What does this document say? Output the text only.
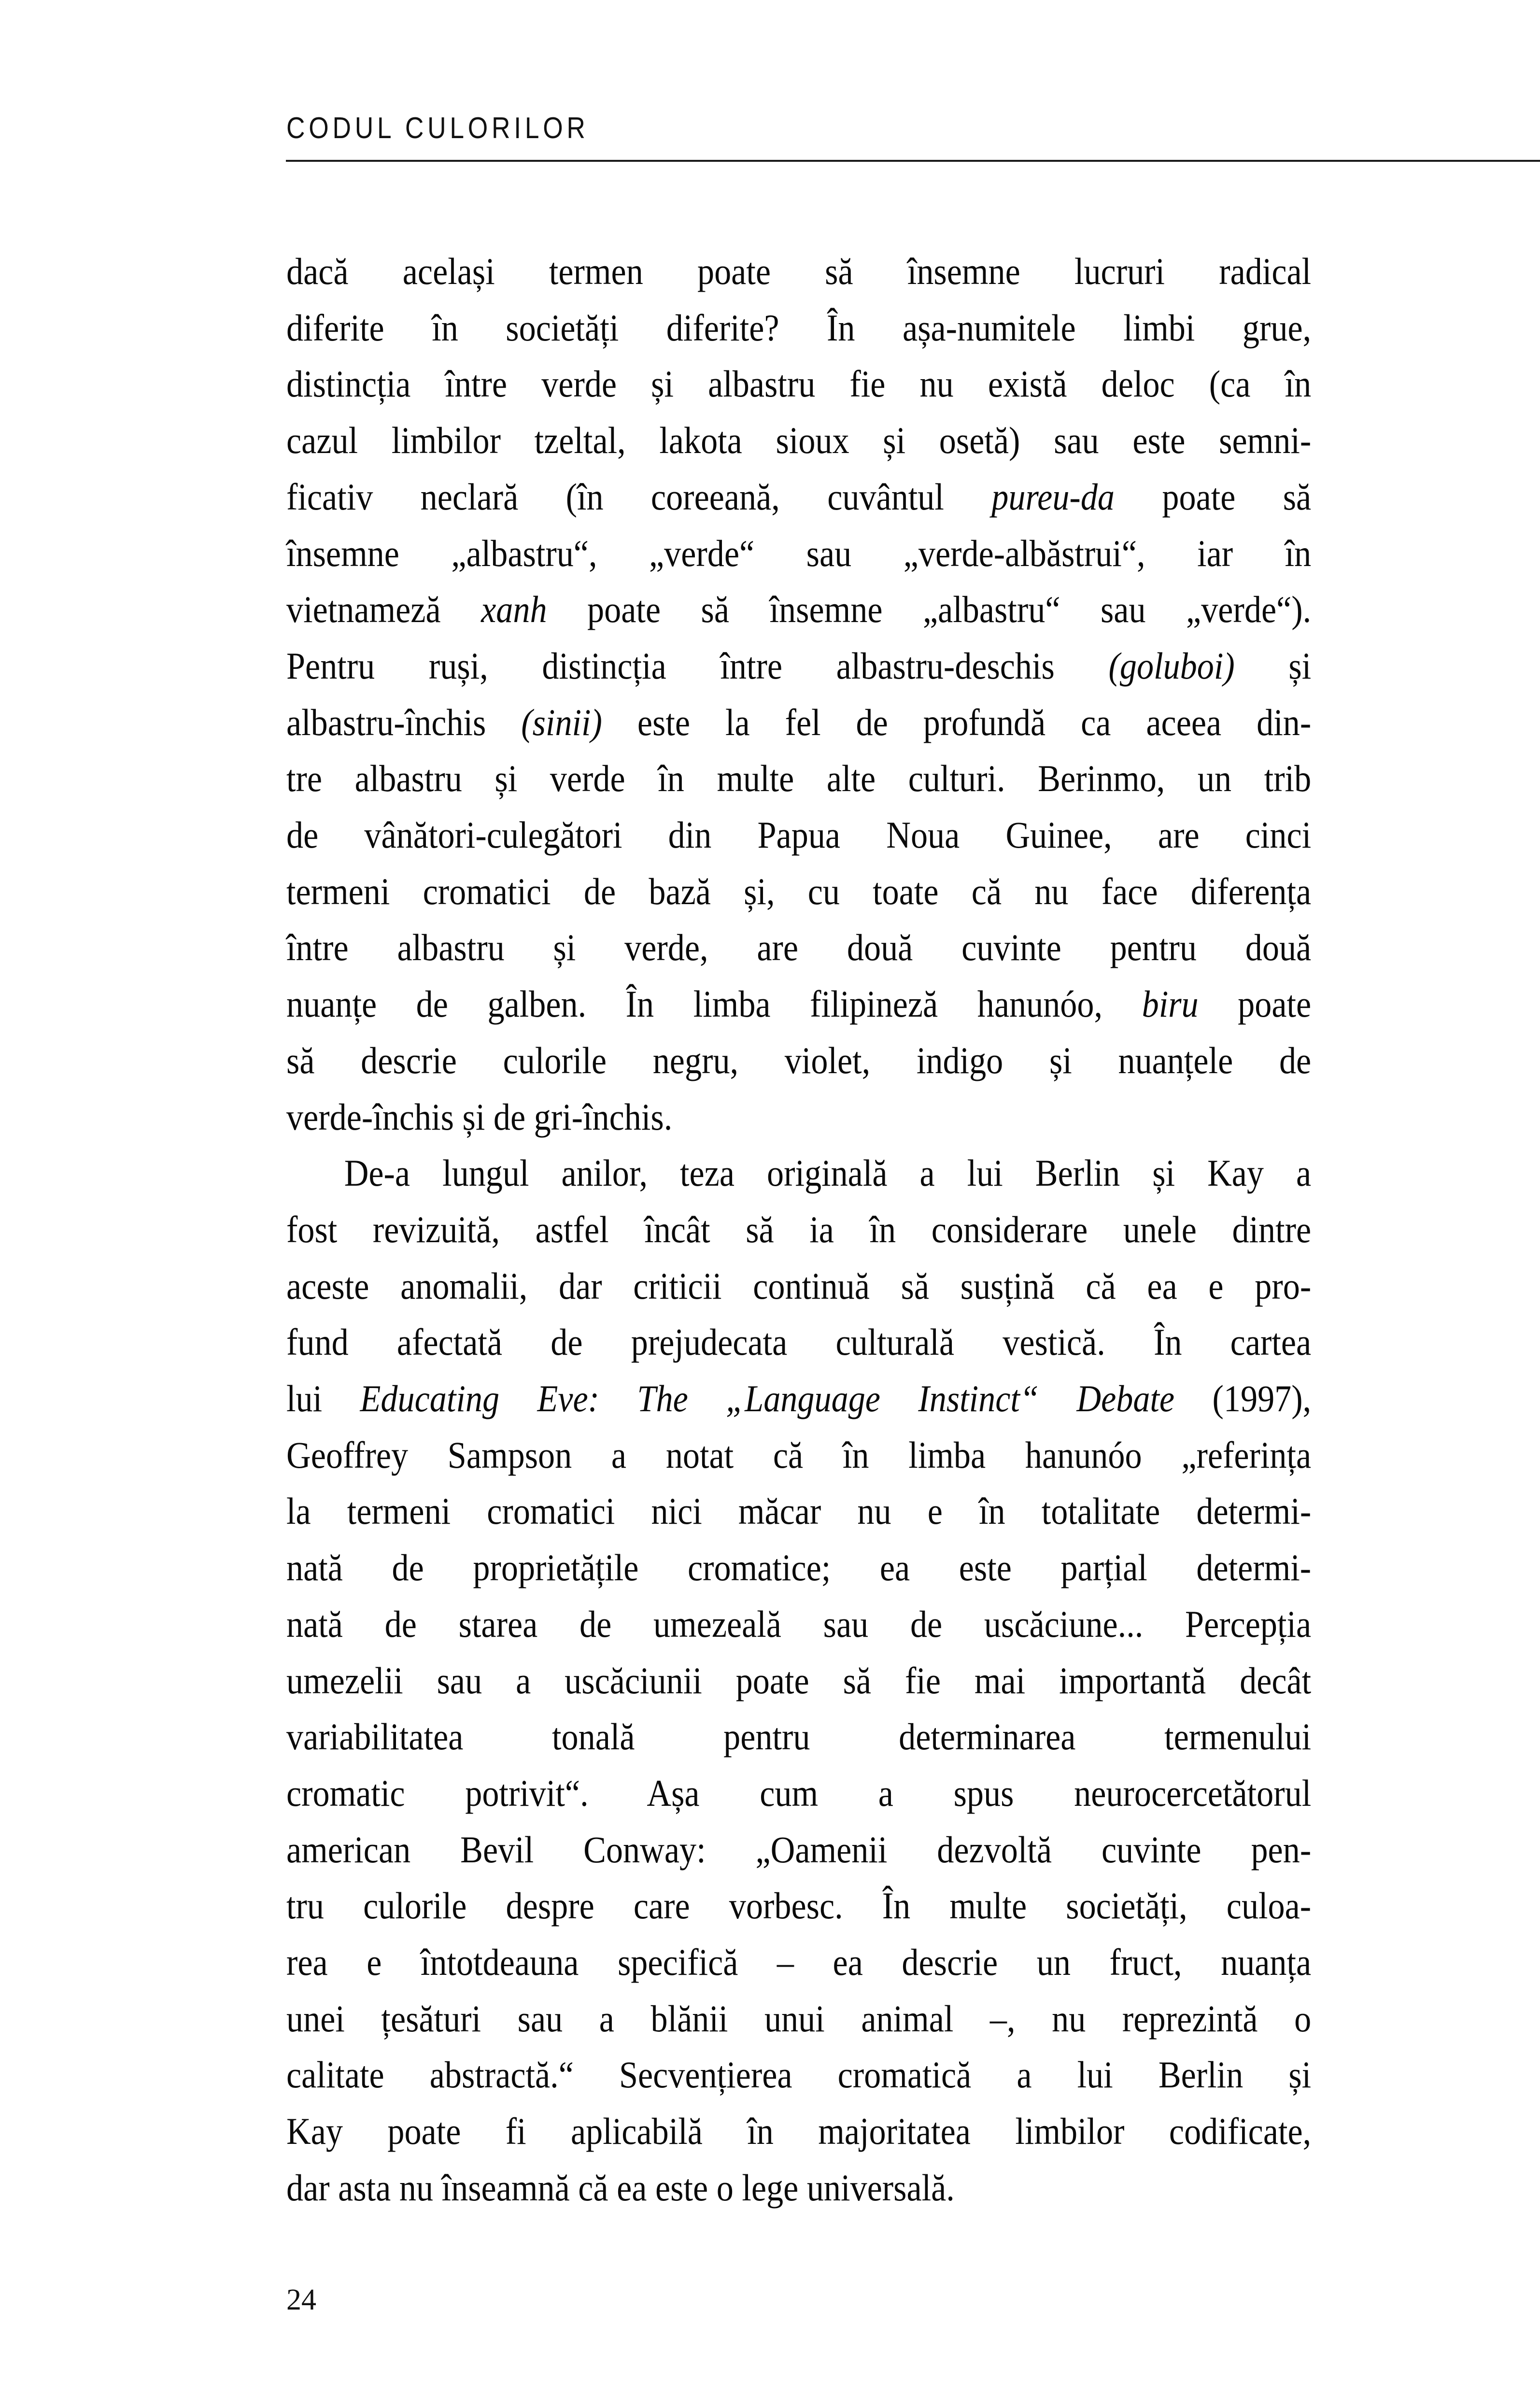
CODUL CULORILOR
dacă același termen poate să însemne lucruri radical
diferite în societăți diferite? În așa-numitele limbi grue,
distincția între verde și albastru fie nu există deloc (ca în
cazul limbilor tzeltal, lakota sioux și osetă) sau este semni-
ficativ neclară (în coreeană, cuvântul pureu-da poate să
însemne „albastru“, „verde“ sau „verde-albăstrui“, iar în
vietnameză xanh poate să însemne „albastru“ sau „verde“).
Pentru ruși, distincția între albastru-deschis (goluboi) și
albastru-închis (sinii) este la fel de profundă ca aceea din-
tre albastru și verde în multe alte culturi. Berinmo, un trib
de vânători-culegători din Papua Noua Guinee, are cinci
termeni cromatici de bază și, cu toate că nu face diferența
între albastru și verde, are două cuvinte pentru două
nuanțe de galben. În limba filipineză hanunóo, biru poate
să descrie culorile negru, violet, indigo și nuanțele de
verde-închis și de gri-închis.
De-a lungul anilor, teza originală a lui Berlin și Kay a
fost revizuită, astfel încât să ia în considerare unele dintre
aceste anomalii, dar criticii continuă să susțină că ea e pro-
fund afectată de prejudecata culturală vestică. În cartea
lui Educating Eve: The „Language Instinct“ Debate (1997),
Geoffrey Sampson a notat că în limba hanunóo „referința
la termeni cromatici nici măcar nu e în totalitate determi-
nată de proprietățile cromatice; ea este parțial determi-
nată de starea de umezeală sau de uscăciune... Percepția
umezelii sau a uscăciunii poate să fie mai importantă decât
variabilitatea tonală pentru determinarea termenului
cromatic potrivit“. Așa cum a spus neurocercetătorul
american Bevil Conway: „Oamenii dezvoltă cuvinte pen-
tru culorile despre care vorbesc. În multe societăți, culoa-
rea e întotdeauna specifică – ea descrie un fruct, nuanța
unei țesături sau a blănii unui animal –, nu reprezintă o
calitate abstractă.“ Secvențierea cromatică a lui Berlin și
Kay poate fi aplicabilă în majoritatea limbilor codificate,
dar asta nu înseamnă că ea este o lege universală.
24
